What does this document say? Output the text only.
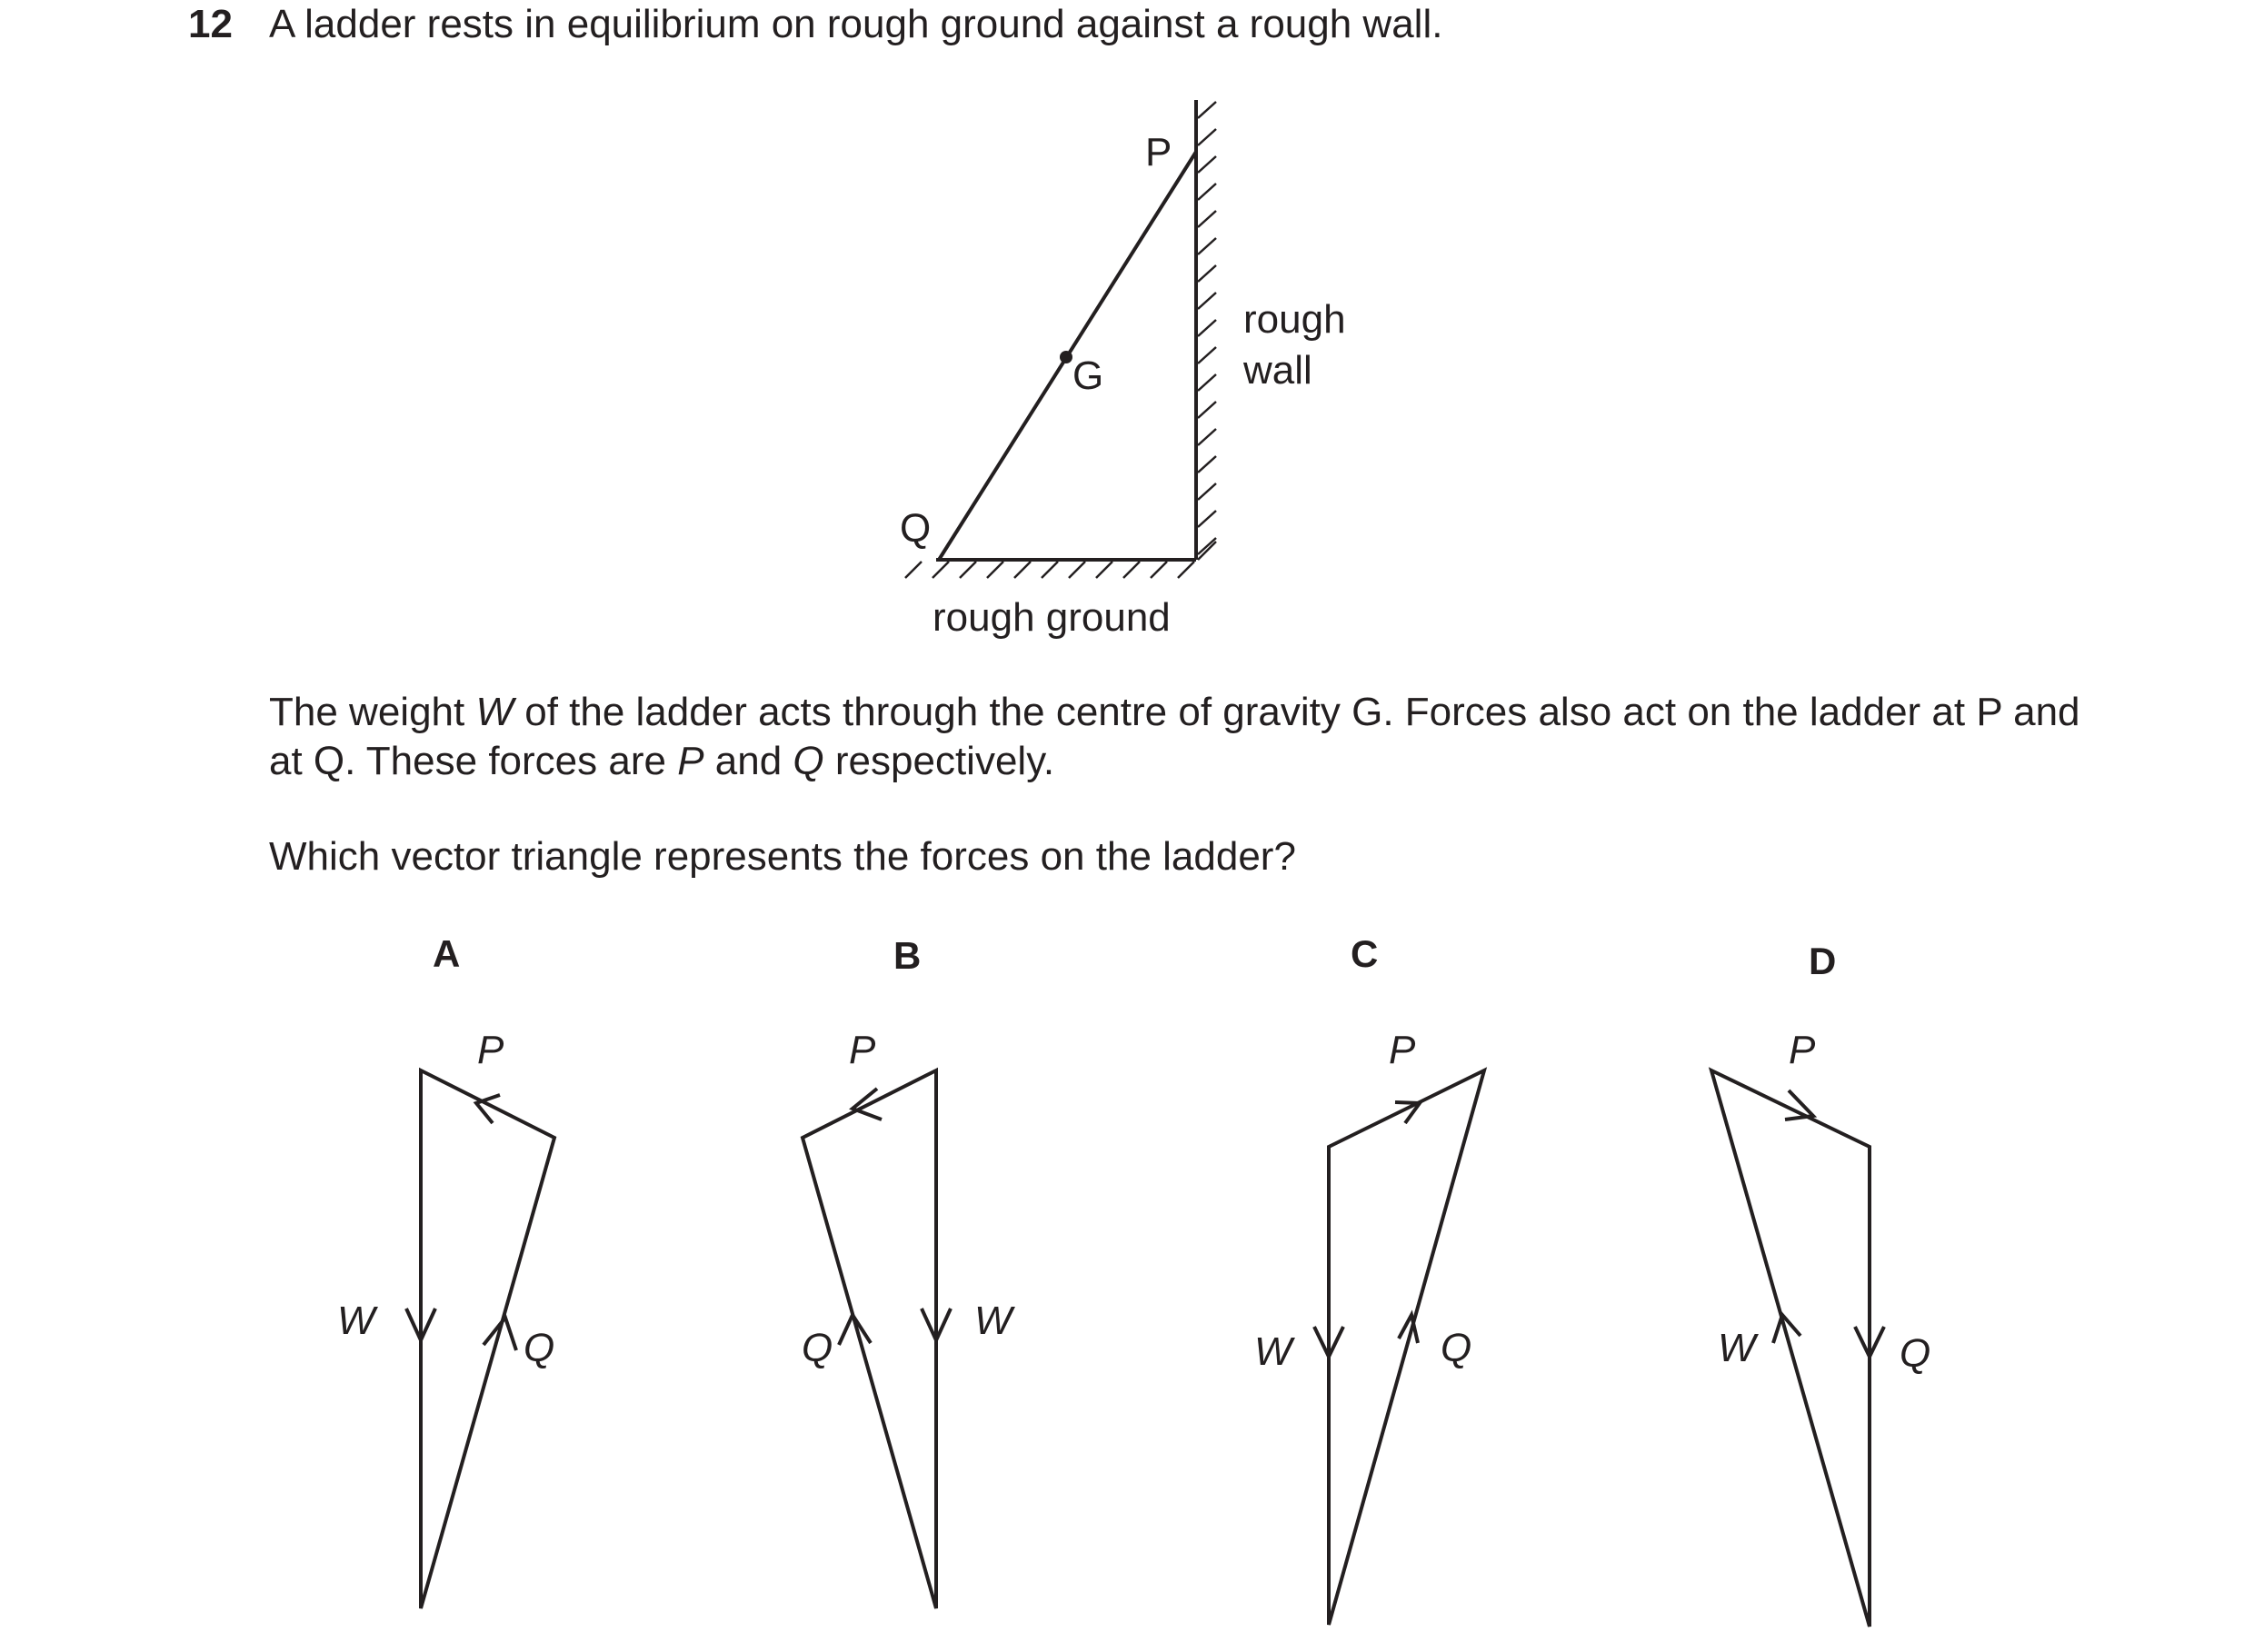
12 A ladder rests in equilibrium on rough ground against a rough wall.

The weight W of the ladder acts through the centre of gravity G. Forces also act on the ladder at P and at Q. These forces are P and Q respectively.

Which vector triangle represents the forces on the ladder?

P
G
Q
rough
wall
rough ground
A	B	C	D
P
W
Q
P
W
Q
P
W	Q
P
W	Q
